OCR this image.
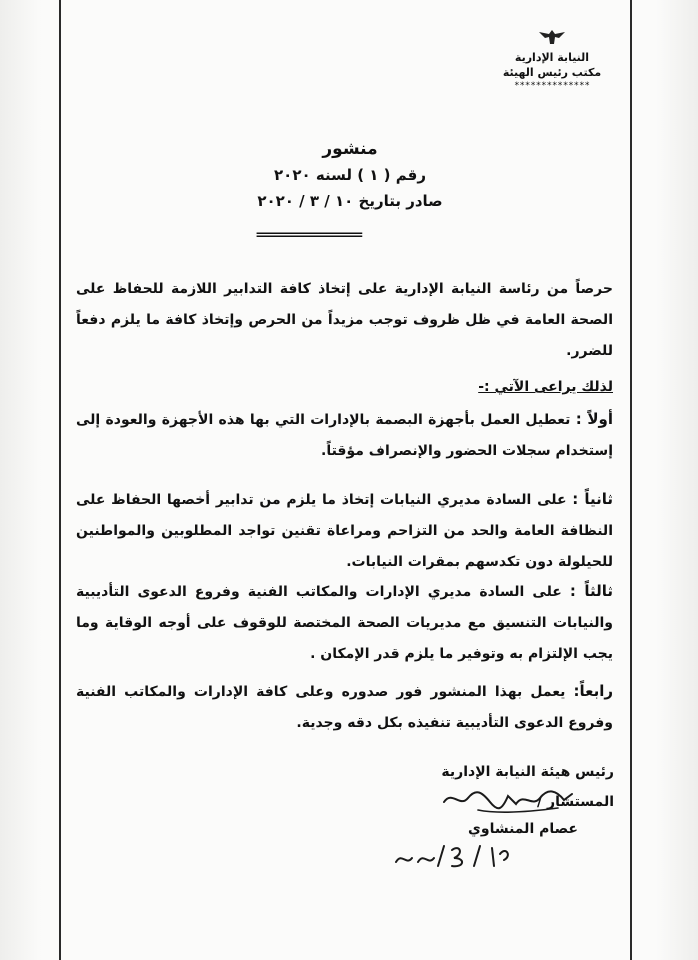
النيابة الإدارية
مكتب رئيس الهيئة
**************
منشور
رقم ( ١ ) لسنه ٢٠٢٠
صادر بتاريخ ١٠ / ٣ / ٢٠٢٠
==================
حرصاً من رئاسة النيابة الإدارية على إتخاذ كافة التدابير اللازمة للحفاظ على الصحة العامة في ظل ظروف توجب مزيداً من الحرص وإتخاذ كافة ما يلزم دفعاً للضرر.
لذلك يراعى الآتي :-
أولاً : تعطيل العمل بأجهزة البصمة بالإدارات التي بها هذه الأجهزة والعودة إلى إستخدام سجلات الحضور والإنصراف مؤقتاً.
ثانياً : على السادة مديري النيابات إتخاذ ما يلزم من تدابير أخصها الحفاظ على النظافة العامة والحد من التزاحم ومراعاة تقنين تواجد المطلوبين والمواطنين للحيلولة دون تكدسهم بمقرات النيابات.
ثالثاً : على السادة مديري الإدارات والمكاتب الفنية وفروع الدعوى التأديبية والنيابات التنسيق مع مديريات الصحة المختصة للوقوف على أوجه الوقاية وما يجب الإلتزام به وتوفير ما يلزم قدر الإمكان .
رابعاً: يعمل بهذا المنشور فور صدوره وعلى كافة الإدارات والمكاتب الفنية وفروع الدعوى التأديبية تنفيذه بكل دقه وجدية.
رئيس هيئة النيابة الإدارية
المستشار /
عصام المنشاوي
